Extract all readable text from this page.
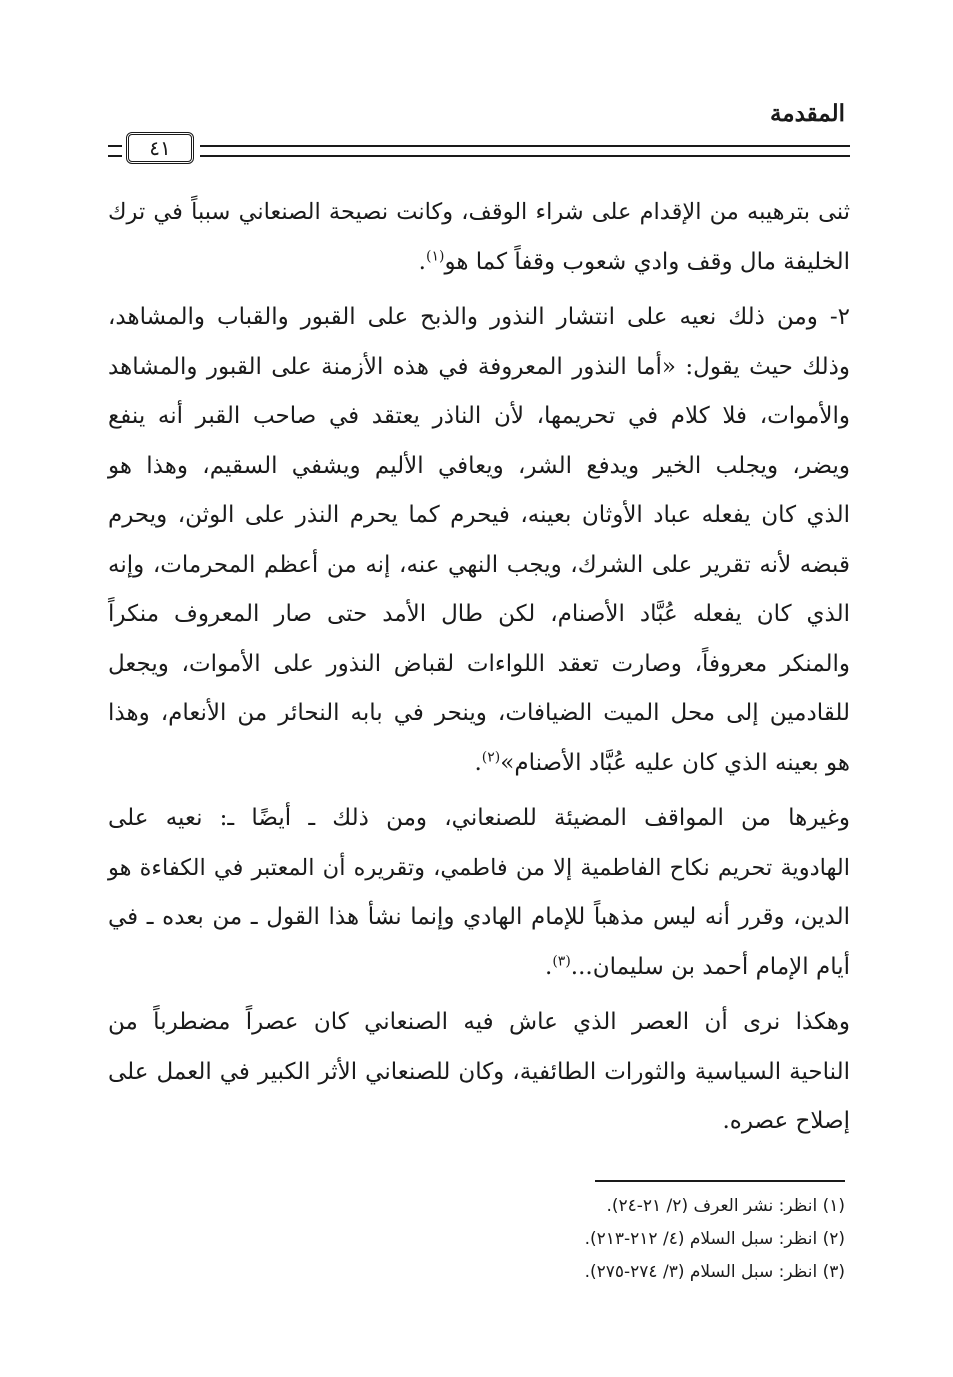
المقدمة
٤١
ثنى بترهيبه من الإقدام على شراء الوقف، وكانت نصيحة الصنعاني سبباً في ترك
الخليفة مال وقف وادي شعوب وقفاً كما هو$^{(١)}$.
٢- ومن ذلك نعيه على انتشار النذور والذبح على القبور والقباب والمشاهد،
وذلك حيث يقول: «أما النذور المعروفة في هذه الأزمنة على القبور والمشاهد
والأموات، فلا كلام في تحريمها، لأن الناذر يعتقد في صاحب القبر أنه ينفع
ويضر، ويجلب الخير ويدفع الشر، ويعافي الأليم ويشفي السقيم، وهذا هو
الذي كان يفعله عباد الأوثان بعينه، فيحرم كما يحرم النذر على الوثن، ويحرم
قبضه لأنه تقرير على الشرك، ويجب النهي عنه، إنه من أعظم المحرمات، وإنه
الذي كان يفعله عُبَّاد الأصنام، لكن طال الأمد حتى صار المعروف منكراً
والمنكر معروفاً، وصارت تعقد اللواءات لقباض النذور على الأموات، ويجعل
للقادمين إلى محل الميت الضيافات، وينحر في بابه النحائر من الأنعام، وهذا
هو بعينه الذي كان عليه عُبَّاد الأصنام»$^{(٢)}$.
وغيرها من المواقف المضيئة للصنعاني، ومن ذلك ـ أيضًا ـ: نعيه على
الهادوية تحريم نكاح الفاطمية إلا من فاطمي، وتقريره أن المعتبر في الكفاءة هو
الدين، وقرر أنه ليس مذهباً للإمام الهادي وإنما نشأ هذا القول ـ من بعده ـ في
أيام الإمام أحمد بن سليمان...$^{(٣)}$.
وهكذا نرى أن العصر الذي عاش فيه الصنعاني كان عصراً مضطرباً من
الناحية السياسية والثورات الطائفية، وكان للصنعاني الأثر الكبير في العمل على
إصلاح عصره.
(١) انظر: نشر العرف (٢/ ٢١-٢٤).
(٢) انظر: سبل السلام (٤/ ٢١٢-٢١٣).
(٣) انظر: سبل السلام (٣/ ٢٧٤-٢٧٥).
